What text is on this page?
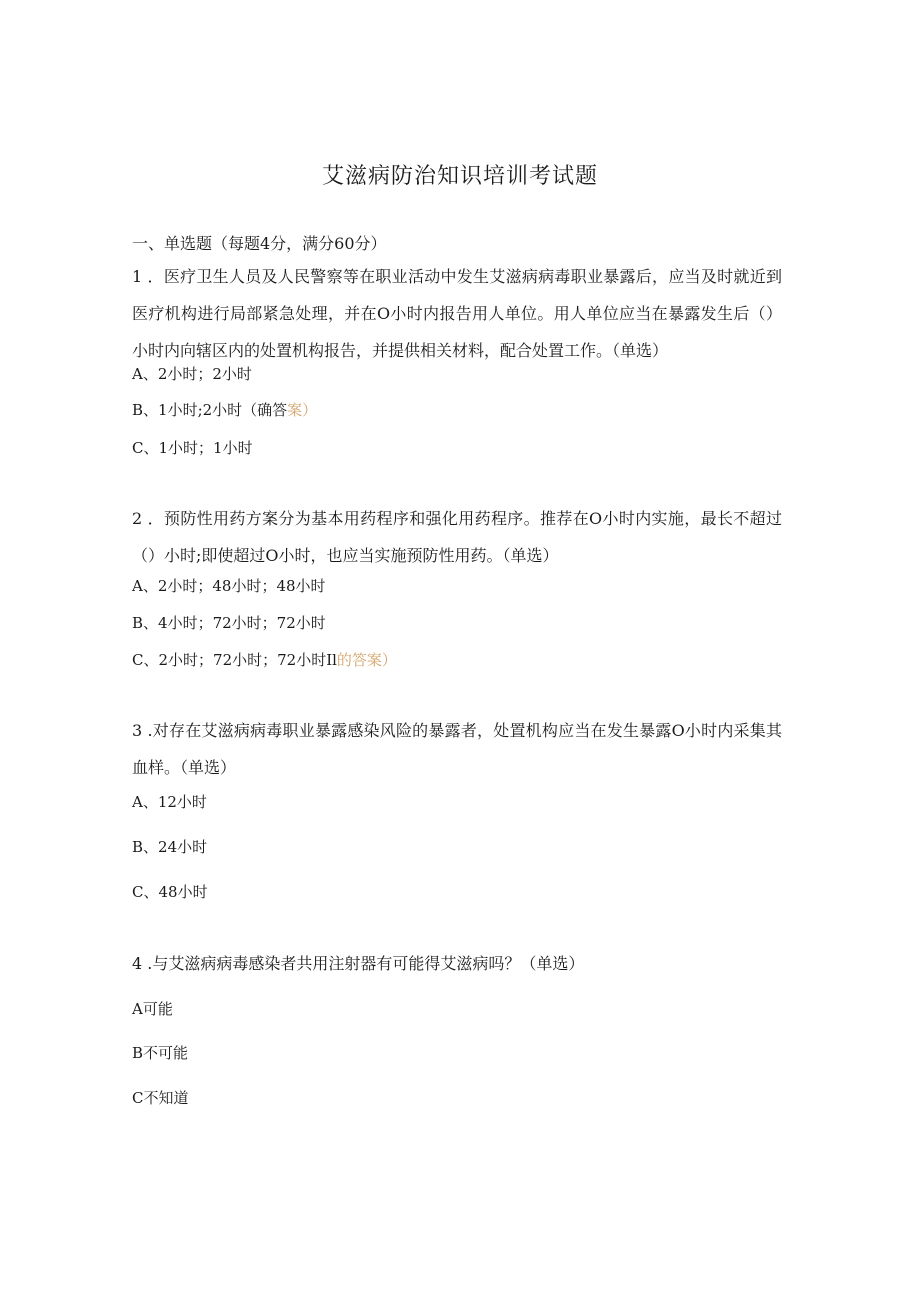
艾滋病防治知识培训考试题
一、单选题（每题4分，满分60分）
1 ．医疗卫生人员及人民警察等在职业活动中发生艾滋病病毒职业暴露后，应当及时就近到医疗机构进行局部紧急处理，并在O小时内报告用人单位。用人单位应当在暴露发生后（）小时内向辖区内的处置机构报告，并提供相关材料，配合处置工作。（单选）
A、2小时；2小时
B、1小时;2小时（确答案）
C、1小时；1小时
2 ．预防性用药方案分为基本用药程序和强化用药程序。推荐在O小时内实施，最长不超过（）小时;即使超过O小时，也应当实施预防性用药。（单选）
A、2小时；48小时；48小时
B、4小时；72小时；72小时
C、2小时；72小时；72小时Il的答案）
3 .对存在艾滋病病毒职业暴露感染风险的暴露者，处置机构应当在发生暴露O小时内采集其血样。（单选）
A、12小时
B、24小时
C、48小时
4 .与艾滋病病毒感染者共用注射器有可能得艾滋病吗？（单选）
A可能
B不可能
C不知道
